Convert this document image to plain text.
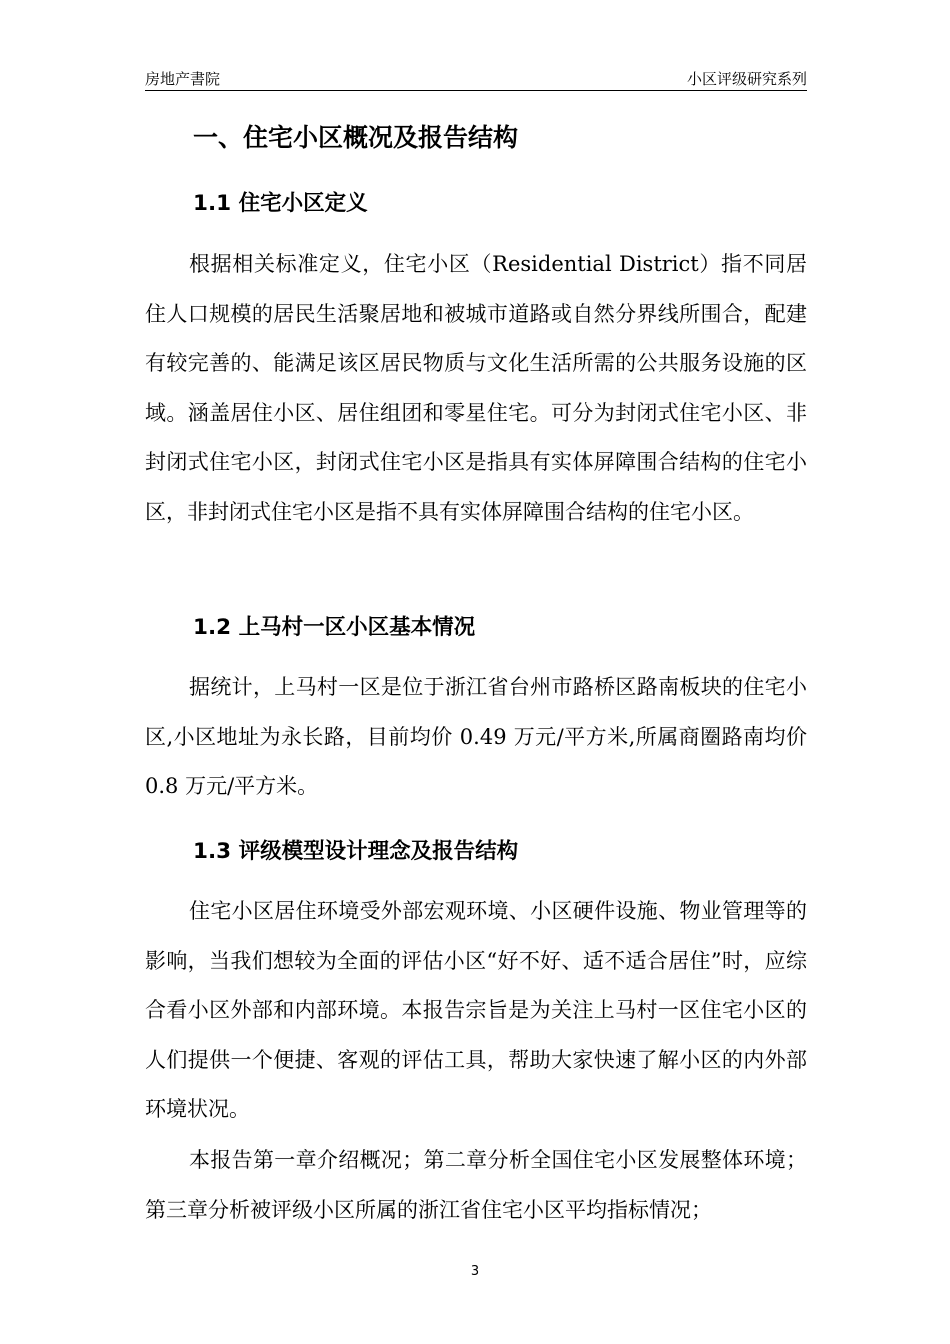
房地产書院	小区评级研究系列
一、住宅小区概况及报告结构
1.1 住宅小区定义
根据相关标准定义，住宅小区（Residential District）指不同居住人口规模的居民生活聚居地和被城市道路或自然分界线所围合，配建有较完善的、能满足该区居民物质与文化生活所需的公共服务设施的区域。涵盖居住小区、居住组团和零星住宅。可分为封闭式住宅小区、非封闭式住宅小区，封闭式住宅小区是指具有实体屏障围合结构的住宅小区，非封闭式住宅小区是指不具有实体屏障围合结构的住宅小区。
1.2 上马村一区小区基本情况
据统计，上马村一区是位于浙江省台州市路桥区路南板块的住宅小区,小区地址为永长路，目前均价 0.49 万元/平方米,所属商圈路南均价 0.8 万元/平方米。
1.3 评级模型设计理念及报告结构
住宅小区居住环境受外部宏观环境、小区硬件设施、物业管理等的影响，当我们想较为全面的评估小区“好不好、适不适合居住”时，应综合看小区外部和内部环境。本报告宗旨是为关注上马村一区住宅小区的人们提供一个便捷、客观的评估工具，帮助大家快速了解小区的内外部环境状况。
本报告第一章介绍概况；第二章分析全国住宅小区发展整体环境；第三章分析被评级小区所属的浙江省住宅小区平均指标情况；
3
